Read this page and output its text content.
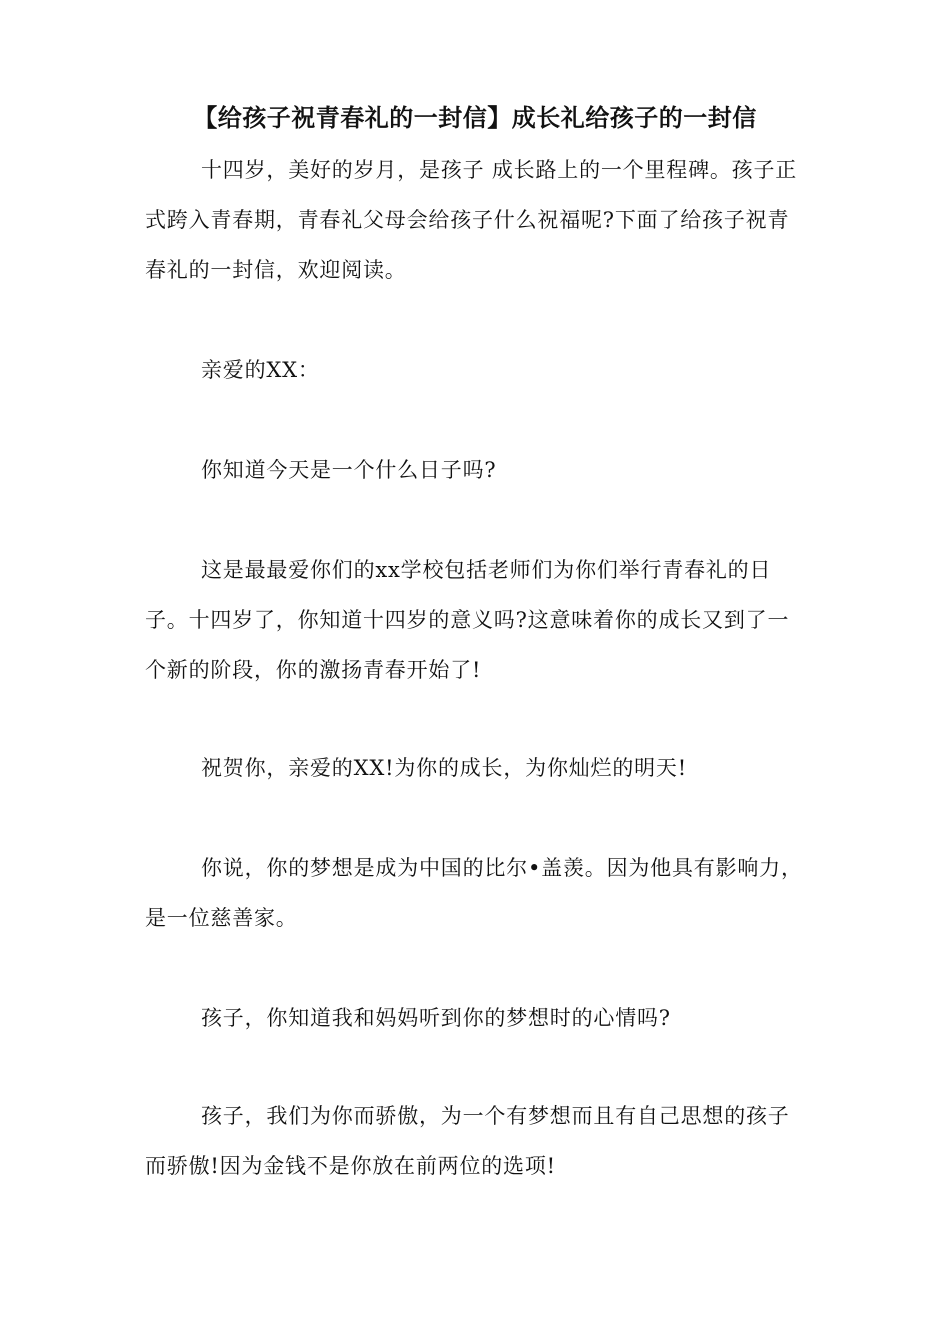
【给孩子祝青春礼的一封信】成长礼给孩子的一封信

十四岁，美好的岁月，是孩子 成长路上的一个里程碑。孩子正式跨入青春期，青春礼父母会给孩子什么祝福呢?下面了给孩子祝青春礼的一封信，欢迎阅读。

亲爱的XX：

你知道今天是一个什么日子吗?

这是最最爱你们的xx学校包括老师们为你们举行青春礼的日子。十四岁了，你知道十四岁的意义吗?这意味着你的成长又到了一个新的阶段，你的激扬青春开始了!

祝贺你，亲爱的XX!为你的成长，为你灿烂的明天!

你说，你的梦想是成为中国的比尔•盖羡。因为他具有影响力，是一位慈善家。

孩子，你知道我和妈妈听到你的梦想时的心情吗?

孩子，我们为你而骄傲，为一个有梦想而且有自己思想的孩子而骄傲!因为金钱不是你放在前两位的选项!
